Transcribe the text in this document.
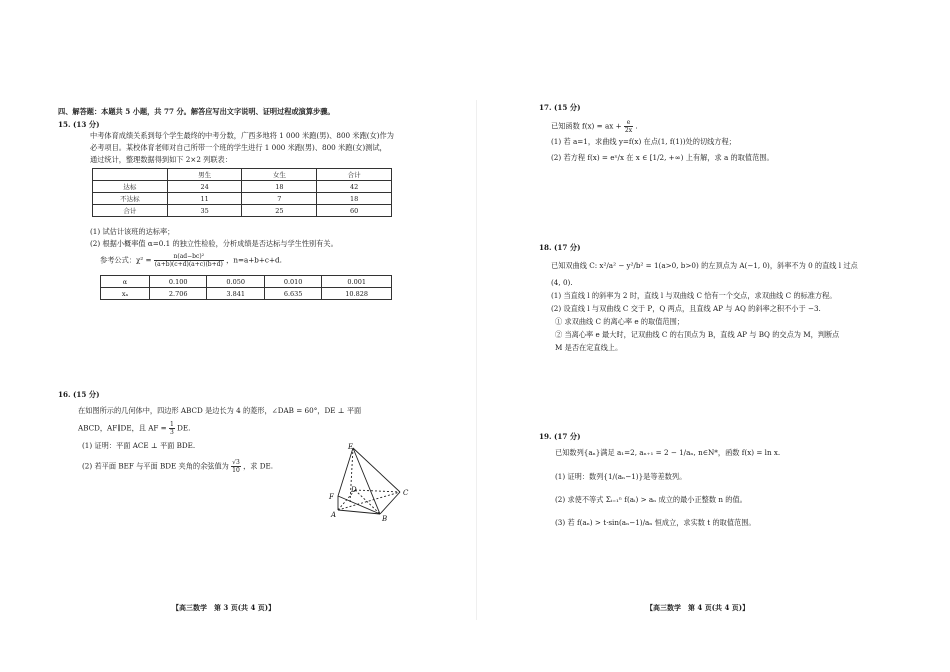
四、解答题：本题共 5 小题，共 77 分。解答应写出文字说明、证明过程或演算步骤。
15. (13 分)
中考体育成绩关系到每个学生最终的中考分数，广西多地将 1 000 米跑(男)、800 米跑(女)作为
必考项目。某校体育老师对自己所带一个班的学生进行 1 000 米跑(男)、800 米跑(女)测试，
通过统计，整理数据得到如下 2×2 列联表：
	男生	女生	合计
达标	24	18	42
不达标	11	7	18
合计	35	25	60
(1) 试估计该班的达标率；
(2) 根据小概率值 α=0.1 的独立性检验，分析成绩是否达标与学生性别有关。
参考公式：$\chi^2 = \frac{\text{n(ad−bc)²}}{(a+b)(c+d)(a+c)(b+d)}$ ，n=a+b+c+d.
α	0.100	0.050	0.010	0.001
xₐ	2.706	3.841	6.635	10.828
16. (15 分)
在如图所示的几何体中，四边形 ABCD 是边长为 4 的菱形，∠DAB = 60°，DE ⊥ 平面
ABCD，AF∥DE，且 AF = $\frac{1}{3}$ DE.
(1) 证明：平面 ACE ⊥ 平面 BDE.
(2) 若平面 BEF 与平面 BDE 夹角的余弦值为 $\frac{√3}{10}$ ，求 DE.
E
D
F	C
A	B
【高三数学　第 3 页(共 4 页)】
17. (15 分)
已知函数 f(x) = ax + $\frac{e}{2x}$ .
(1) 若 a=1，求曲线 y=f(x) 在点(1, f(1))处的切线方程；
(2) 若方程 f(x) = eˣ/x 在 x ∈ [1/2, +∞) 上有解，求 a 的取值范围。
18. (17 分)
已知双曲线 C: x²/a² − y²/b² = 1(a>0, b>0) 的左顶点为 A(−1, 0)，斜率不为 0 的直线 l 过点
(4, 0).
(1) 当直线 l 的斜率为 2 时，直线 l 与双曲线 C 恰有一个交点，求双曲线 C 的标准方程。
(2) 设直线 l 与双曲线 C 交于 P，Q 两点，且直线 AP 与 AQ 的斜率之积不小于 −3.
① 求双曲线 C 的离心率 e 的取值范围；
② 当离心率 e 最大时，记双曲线 C 的右顶点为 B，直线 AP 与 BQ 的交点为 M，判断点
M 是否在定直线上。
19. (17 分)
已知数列{aₙ}满足 a₁=2, aₙ₊₁ = 2 − 1/aₙ, n∈N*，函数 f(x) = ln x.
(1) 证明：数列{1/(aₙ−1)}是等差数列。
(2) 求使不等式 Σᵢ₌₁ⁿ f(aᵢ) > aₙ 成立的最小正整数 n 的值。
(3) 若 f(aₙ) > t·sin(aₙ−1)/aₙ 恒成立，求实数 t 的取值范围。
【高三数学　第 4 页(共 4 页)】
